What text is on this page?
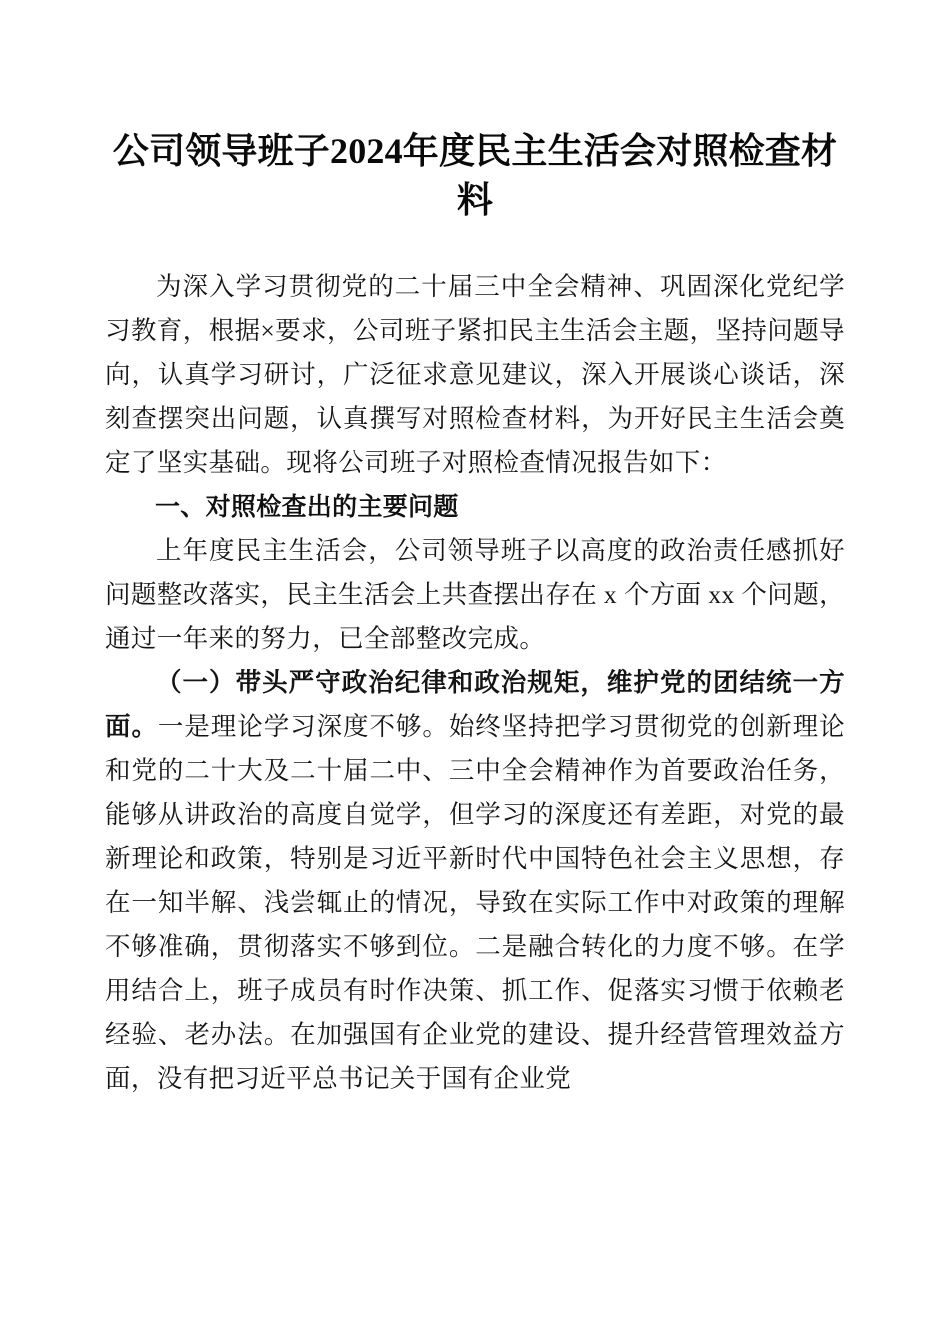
公司领导班子2024年度民主生活会对照检查材料

为深入学习贯彻党的二十届三中全会精神、巩固深化党纪学习教育，根据×要求，公司班子紧扣民主生活会主题，坚持问题导向，认真学习研讨，广泛征求意见建议，深入开展谈心谈话，深刻查摆突出问题，认真撰写对照检查材料，为开好民主生活会奠定了坚实基础。现将公司班子对照检查情况报告如下：

一、对照检查出的主要问题

上年度民主生活会，公司领导班子以高度的政治责任感抓好问题整改落实，民主生活会上共查摆出存在 x 个方面 xx 个问题，通过一年来的努力，已全部整改完成。

（一）带头严守政治纪律和政治规矩，维护党的团结统一方面。一是理论学习深度不够。始终坚持把学习贯彻党的创新理论和党的二十大及二十届二中、三中全会精神作为首要政治任务，能够从讲政治的高度自觉学，但学习的深度还有差距，对党的最新理论和政策，特别是习近平新时代中国特色社会主义思想，存在一知半解、浅尝辄止的情况，导致在实际工作中对政策的理解不够准确，贯彻落实不够到位。二是融合转化的力度不够。在学用结合上，班子成员有时作决策、抓工作、促落实习惯于依赖老经验、老办法。在加强国有企业党的建设、提升经营管理效益方面，没有把习近平总书记关于国有企业党
